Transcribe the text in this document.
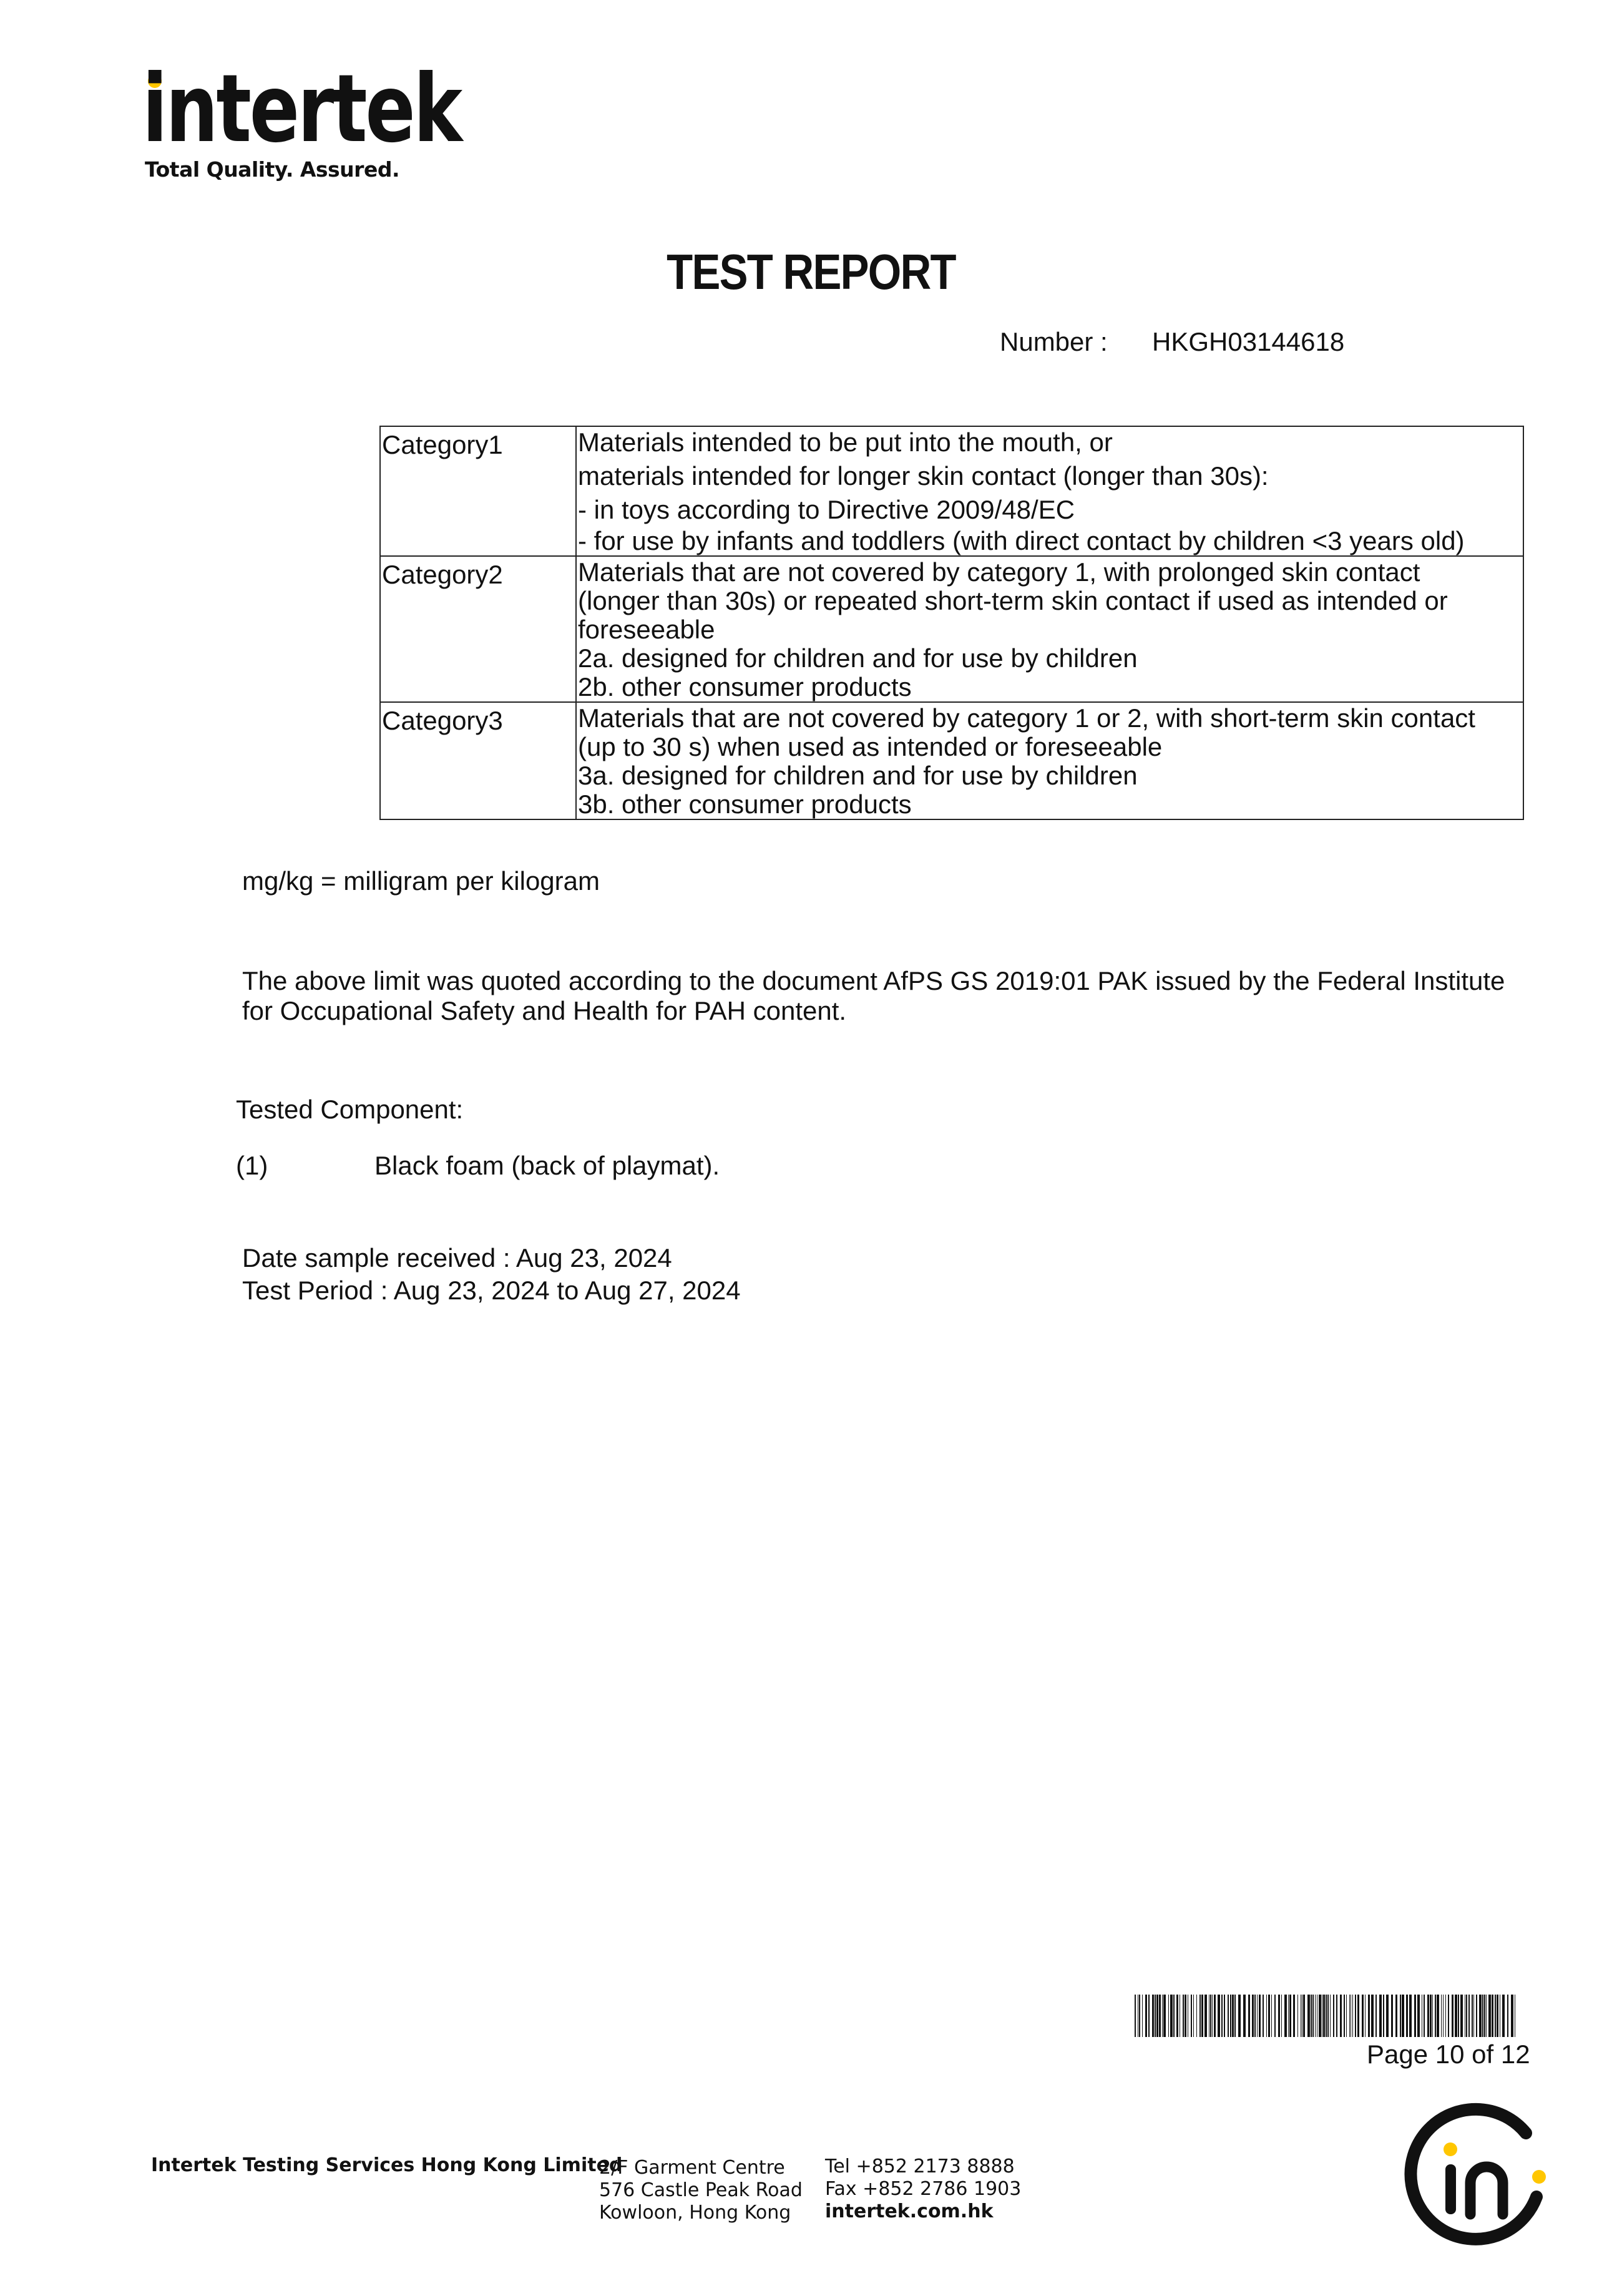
intertek
Total Quality. Assured.
TEST REPORT
Number : HKGH03144618
Category1	Materials intended to be put into the mouth, or
materials intended for longer skin contact (longer than 30s):
- in toys according to Directive 2009/48/EC
- for use by infants and toddlers (with direct contact by children <3 years old)

Category2	Materials that are not covered by category 1, with prolonged skin contact
(longer than 30s) or repeated short-term skin contact if used as intended or
foreseeable
2a. designed for children and for use by children
2b. other consumer products

Category3	Materials that are not covered by category 1 or 2, with short-term skin contact
(up to 30 s) when used as intended or foreseeable
3a. designed for children and for use by children
3b. other consumer products
mg/kg = milligram per kilogram
The above limit was quoted according to the document AfPS GS 2019:01 PAK issued by the Federal Institute for Occupational Safety and Health for PAH content.
Tested Component:
(1)	Black foam (back of playmat).
Date sample received : Aug 23, 2024
Test Period : Aug 23, 2024 to Aug 27, 2024
Page 10 of 12
Intertek Testing Services Hong Kong Limited
2/F Garment Centre
576 Castle Peak Road
Kowloon, Hong Kong
Tel +852 2173 8888
Fax +852 2786 1903
intertek.com.hk
